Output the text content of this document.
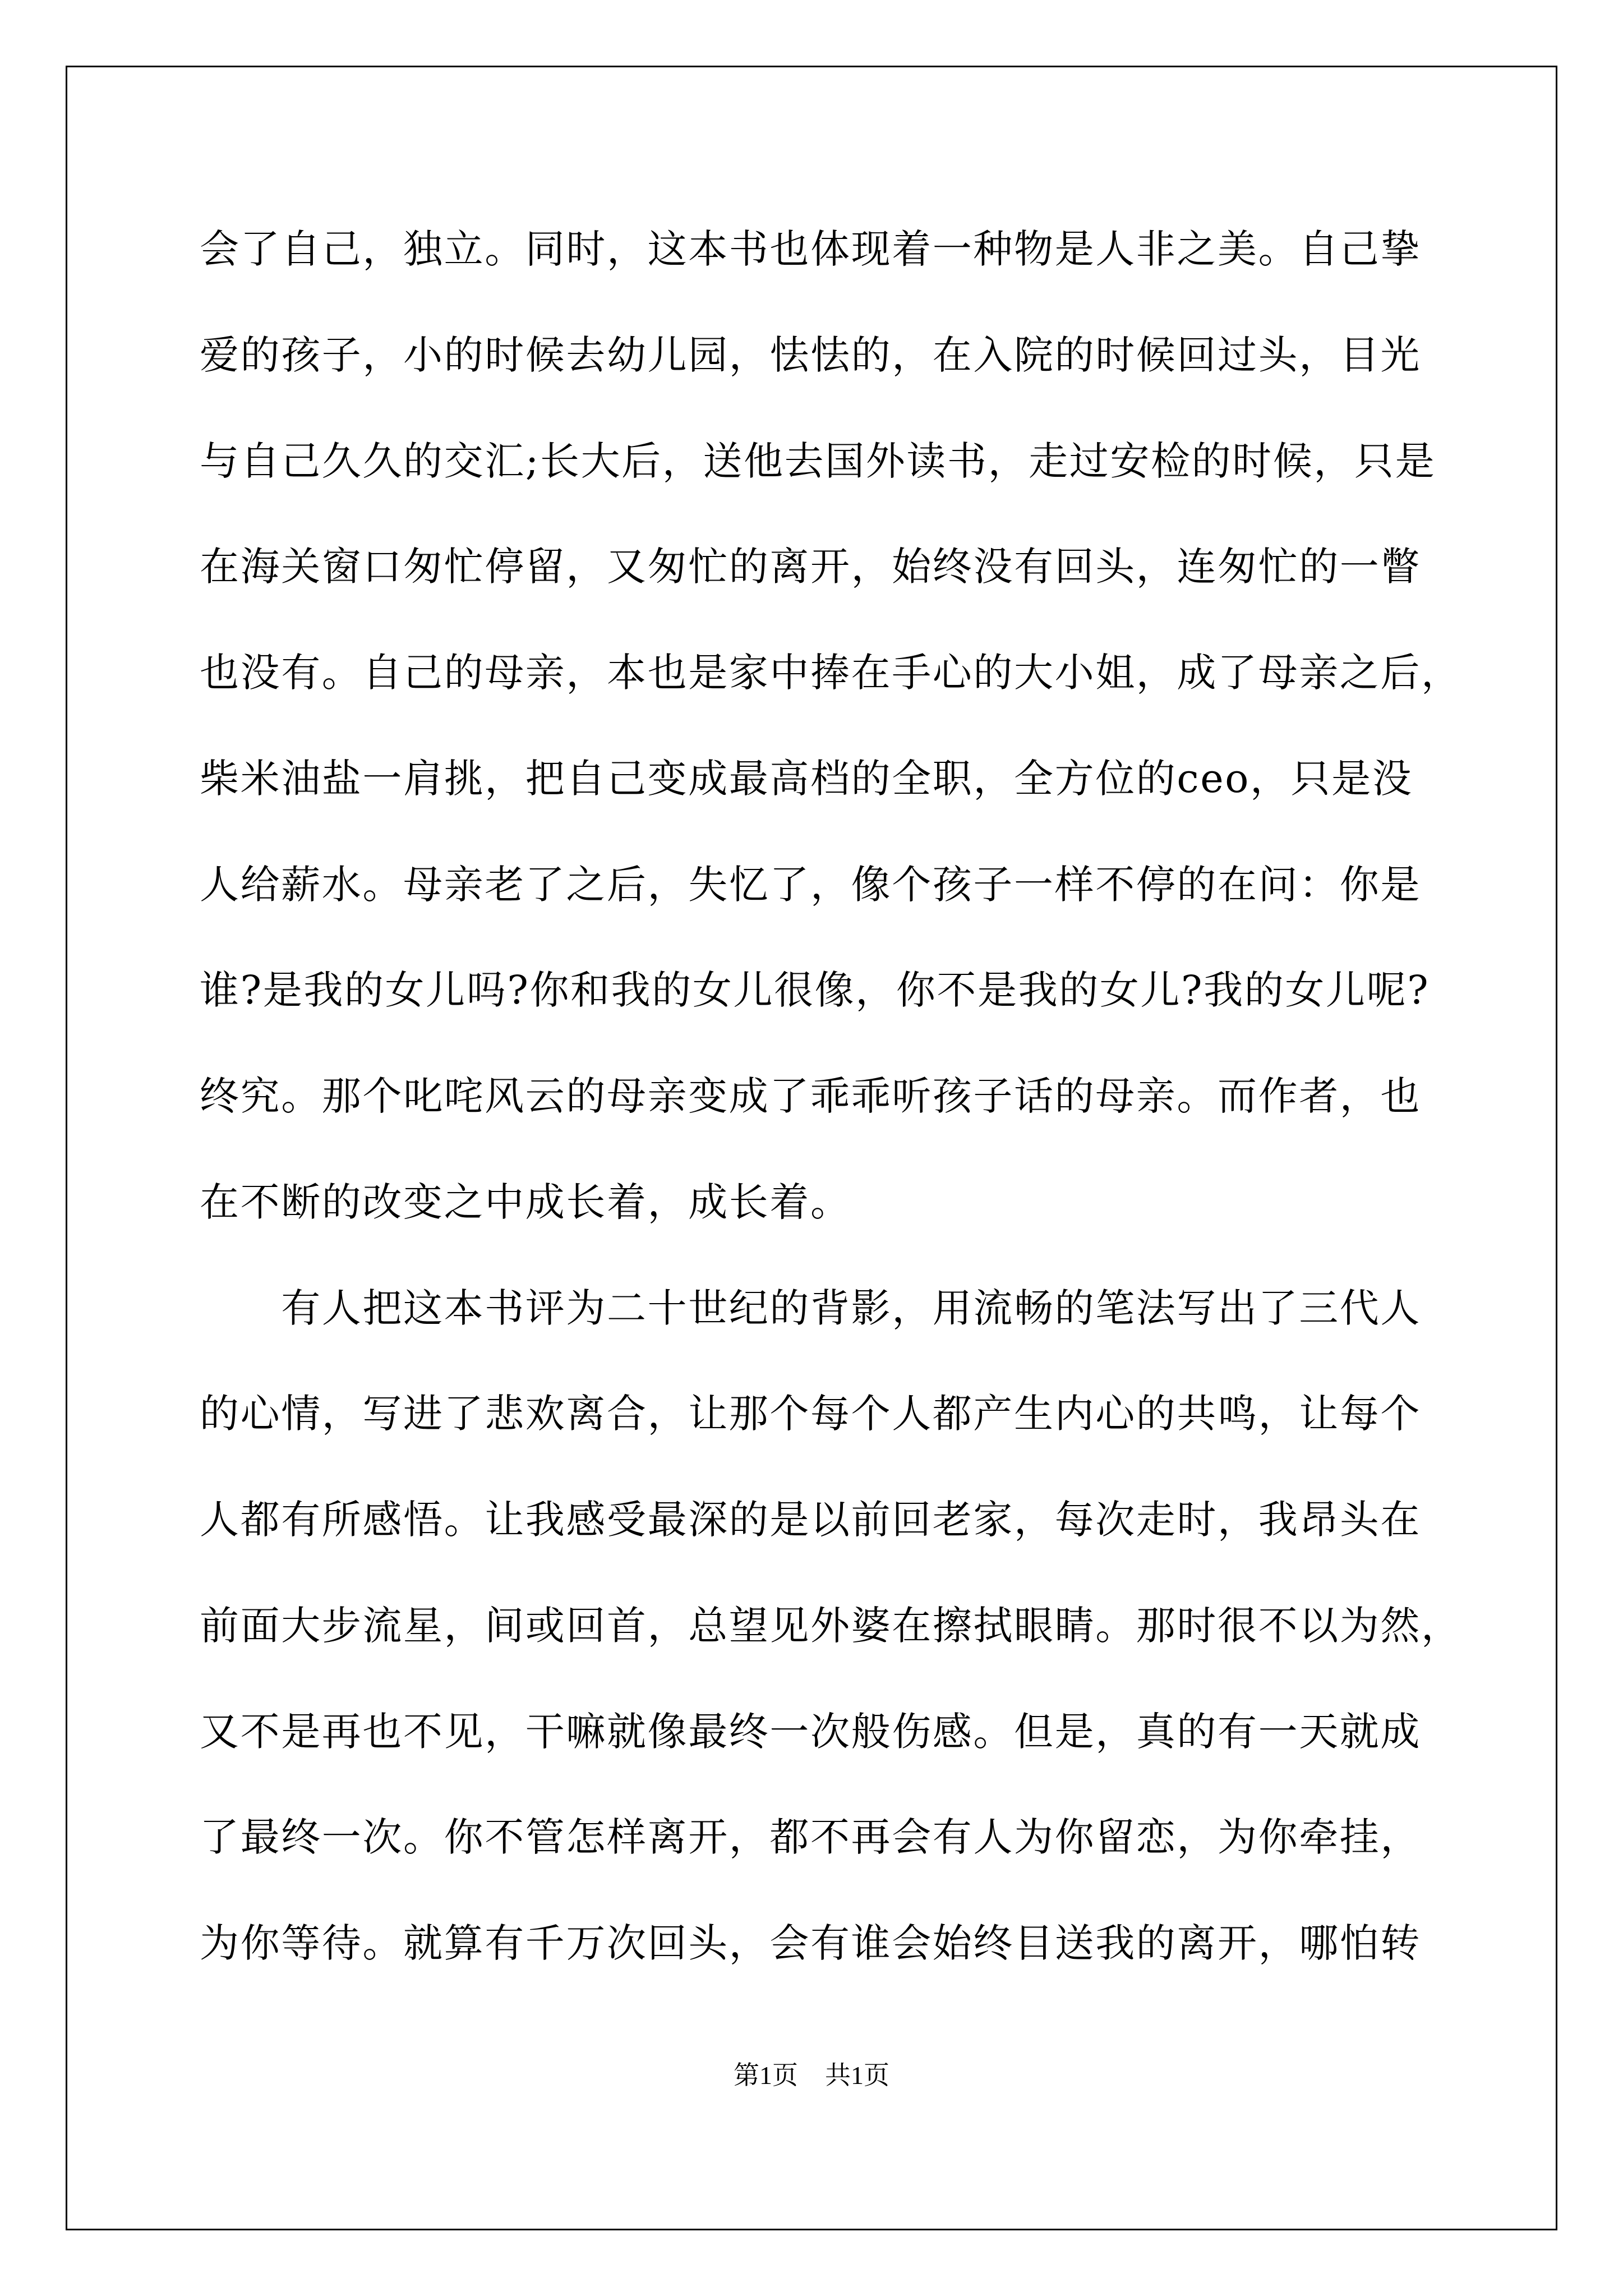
会了自己，独立。同时，这本书也体现着一种物是人非之美。自己挚
爱的孩子，小的时候去幼儿园，怯怯的，在入院的时候回过头，目光
与自己久久的交汇;长大后，送他去国外读书，走过安检的时候，只是
在海关窗口匆忙停留，又匆忙的离开，始终没有回头，连匆忙的一瞥
也没有。自己的母亲，本也是家中捧在手心的大小姐，成了母亲之后，
柴米油盐一肩挑，把自己变成最高档的全职，全方位的ceo，只是没
人给薪水。母亲老了之后，失忆了，像个孩子一样不停的在问：你是
谁?是我的女儿吗?你和我的女儿很像，你不是我的女儿?我的女儿呢?
终究。那个叱咤风云的母亲变成了乖乖听孩子话的母亲。而作者，也
在不断的改变之中成长着，成长着。
　　有人把这本书评为二十世纪的背影，用流畅的笔法写出了三代人
的心情，写进了悲欢离合，让那个每个人都产生内心的共鸣，让每个
人都有所感悟。让我感受最深的是以前回老家，每次走时，我昂头在
前面大步流星，间或回首，总望见外婆在擦拭眼睛。那时很不以为然，
又不是再也不见，干嘛就像最终一次般伤感。但是，真的有一天就成
了最终一次。你不管怎样离开，都不再会有人为你留恋，为你牵挂，
为你等待。就算有千万次回头，会有谁会始终目送我的离开，哪怕转
第1页 共1页
